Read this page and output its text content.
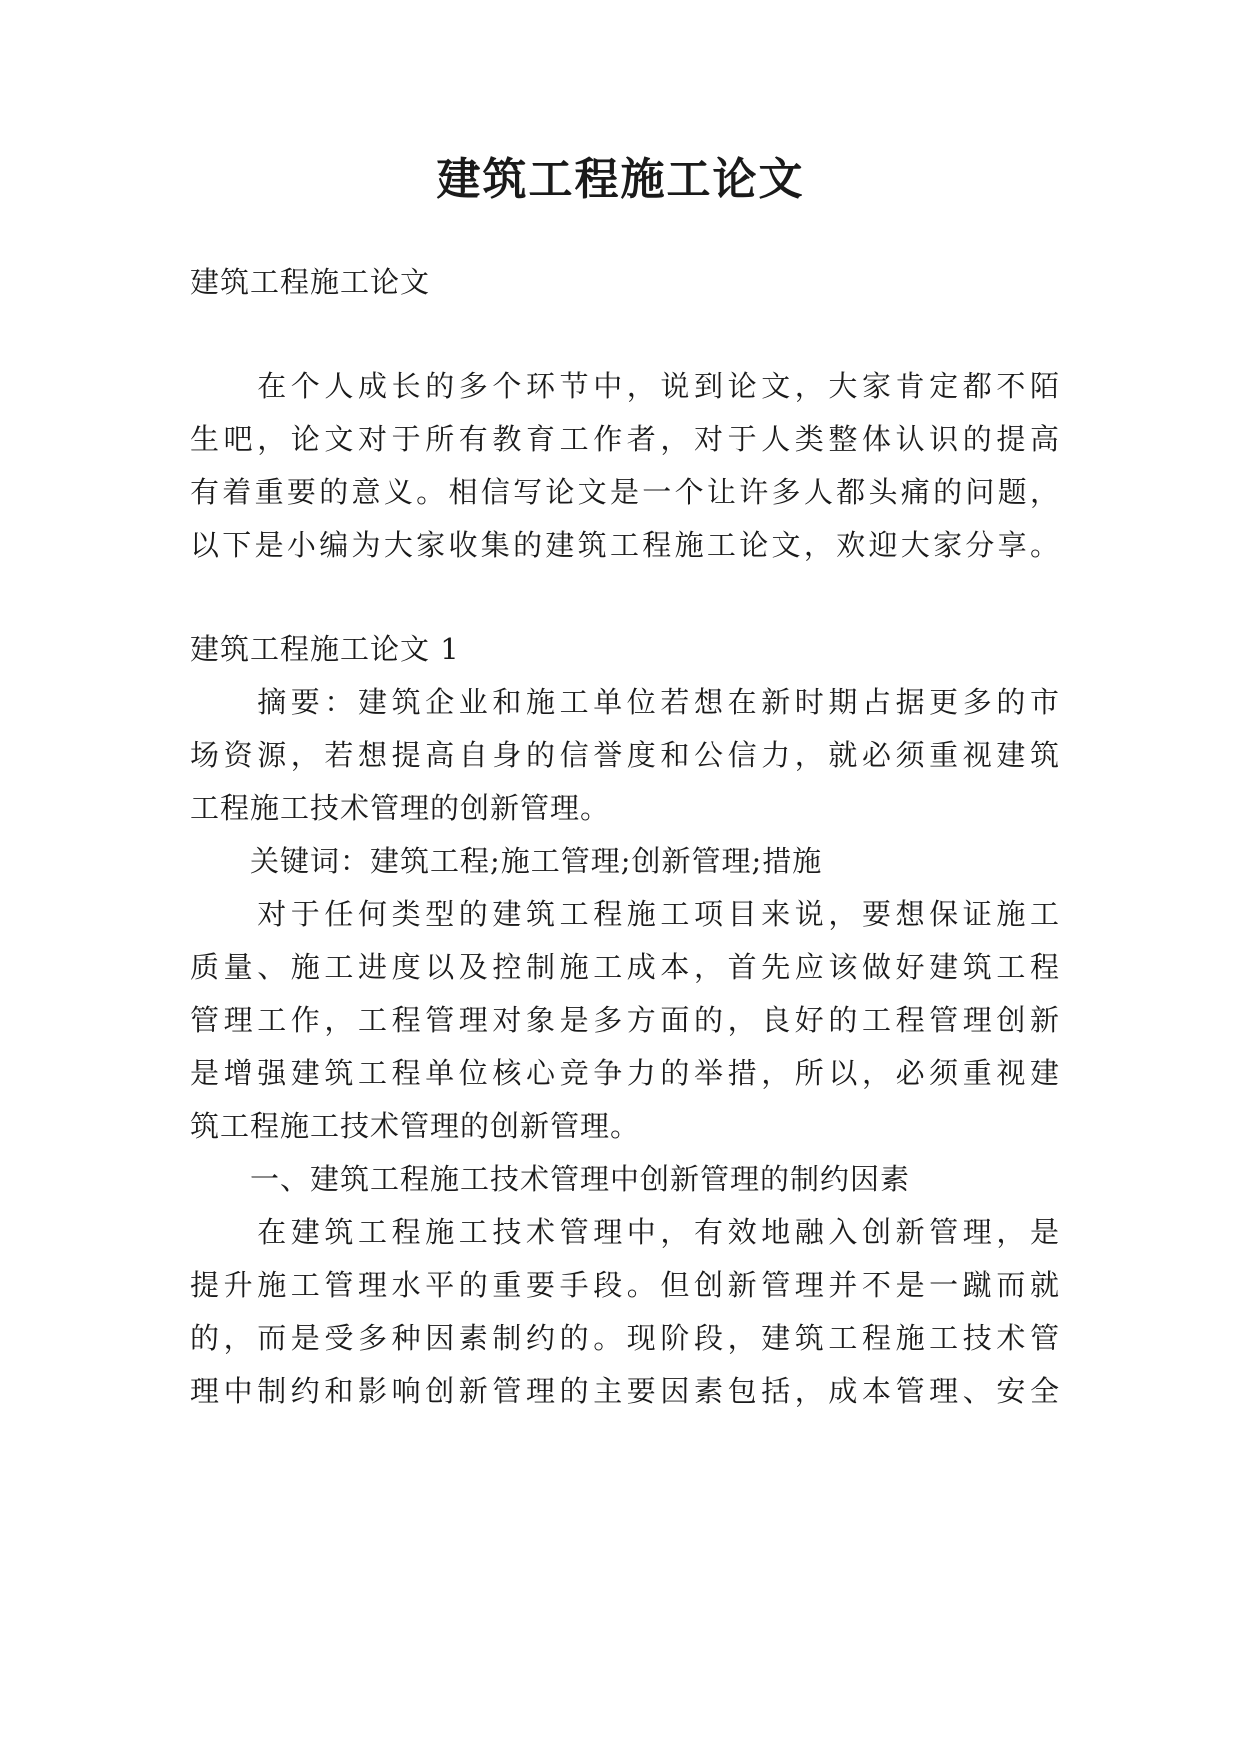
建筑工程施工论文

建筑工程施工论文

　　在个人成长的多个环节中，说到论文，大家肯定都不陌

生吧，论文对于所有教育工作者，对于人类整体认识的提高

有着重要的意义。相信写论文是一个让许多人都头痛的问题，

以下是小编为大家收集的建筑工程施工论文，欢迎大家分享。

建筑工程施工论文 1

　　摘要：建筑企业和施工单位若想在新时期占据更多的市

场资源，若想提高自身的信誉度和公信力，就必须重视建筑

工程施工技术管理的创新管理。

　　关键词：建筑工程;施工管理;创新管理;措施

　　对于任何类型的建筑工程施工项目来说，要想保证施工

质量、施工进度以及控制施工成本，首先应该做好建筑工程

管理工作，工程管理对象是多方面的，良好的工程管理创新

是增强建筑工程单位核心竞争力的举措，所以，必须重视建

筑工程施工技术管理的创新管理。

　　一、建筑工程施工技术管理中创新管理的制约因素

　　在建筑工程施工技术管理中，有效地融入创新管理，是

提升施工管理水平的重要手段。但创新管理并不是一蹴而就

的，而是受多种因素制约的。现阶段，建筑工程施工技术管

理中制约和影响创新管理的主要因素包括，成本管理、安全
